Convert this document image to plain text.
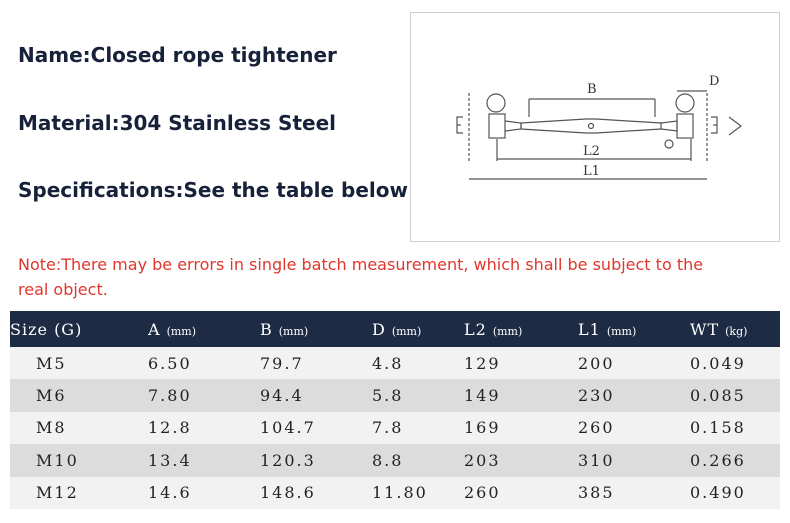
Name:Closed rope tightener
Material:304 Stainless Steel
Specifications:See the table below
B
D
L2
L1
Note:There may be errors in single batch measurement, which shall be subject to the real object.
Size (G)	A (mm)	B (mm)	D (mm)	L2 (mm)	L1 (mm)	WT (kg)
M5	6.50	79.7	4.8	129	200	0.049
M6	7.80	94.4	5.8	149	230	0.085
M8	12.8	104.7	7.8	169	260	0.158
M10	13.4	120.3	8.8	203	310	0.266
M12	14.6	148.6	11.80	260	385	0.490
